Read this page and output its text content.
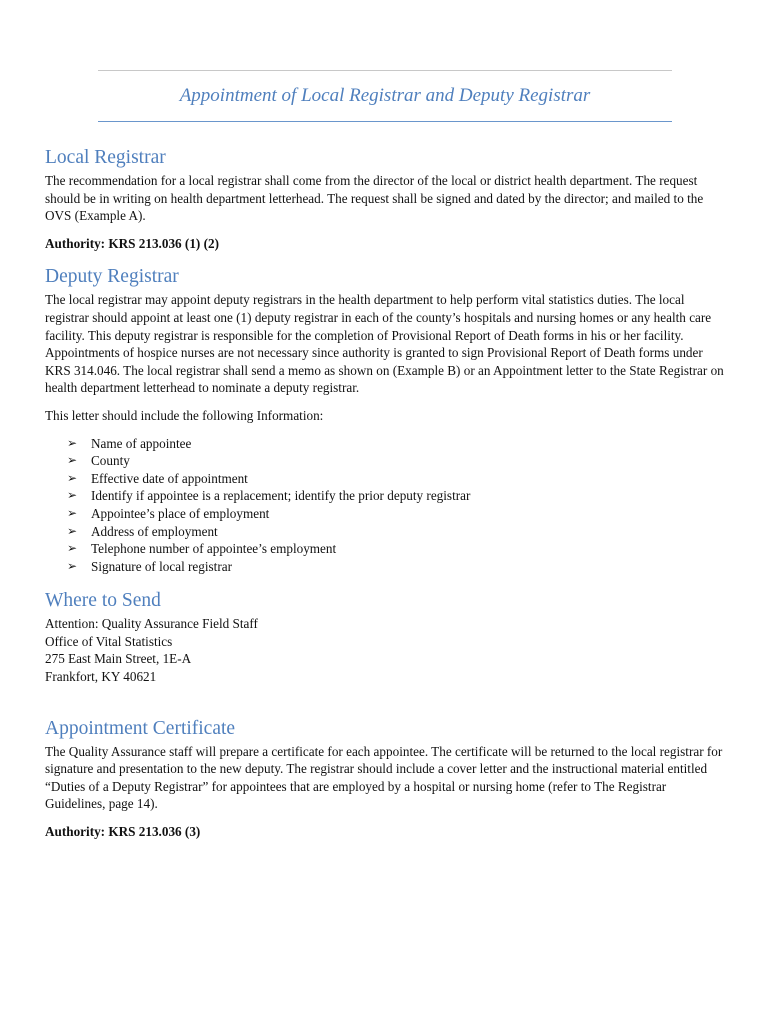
Appointment of Local Registrar and Deputy Registrar
Local Registrar

The recommendation for a local registrar shall come from the director of the local or district health department. The request should be in writing on health department letterhead. The request shall be signed and dated by the director; and mailed to the OVS (Example A).

Authority: KRS 213.036 (1) (2)

Deputy Registrar

The local registrar may appoint deputy registrars in the health department to help perform vital statistics duties. The local registrar should appoint at least one (1) deputy registrar in each of the county’s hospitals and nursing homes or any health care facility. This deputy registrar is responsible for the completion of Provisional Report of Death forms in his or her facility. Appointments of hospice nurses are not necessary since authority is granted to sign Provisional Report of Death forms under KRS 314.046. The local registrar shall send a memo as shown on (Example B) or an Appointment letter to the State Registrar on health department letterhead to nominate a deputy registrar.

This letter should include the following Information:

➢ Name of appointee
➢ County
➢ Effective date of appointment
➢ Identify if appointee is a replacement; identify the prior deputy registrar
➢ Appointee’s place of employment
➢ Address of employment
➢ Telephone number of appointee’s employment
➢ Signature of local registrar
Where to Send

Attention: Quality Assurance Field Staff

Office of Vital Statistics

275 East Main Street, 1E-A

Frankfort, KY 40621

Appointment Certificate

The Quality Assurance staff will prepare a certificate for each appointee. The certificate will be returned to the local registrar for signature and presentation to the new deputy. The registrar should include a cover letter and the instructional material entitled “Duties of a Deputy Registrar” for appointees that are employed by a hospital or nursing home (refer to The Registrar Guidelines, page 14).

Authority: KRS 213.036 (3)
